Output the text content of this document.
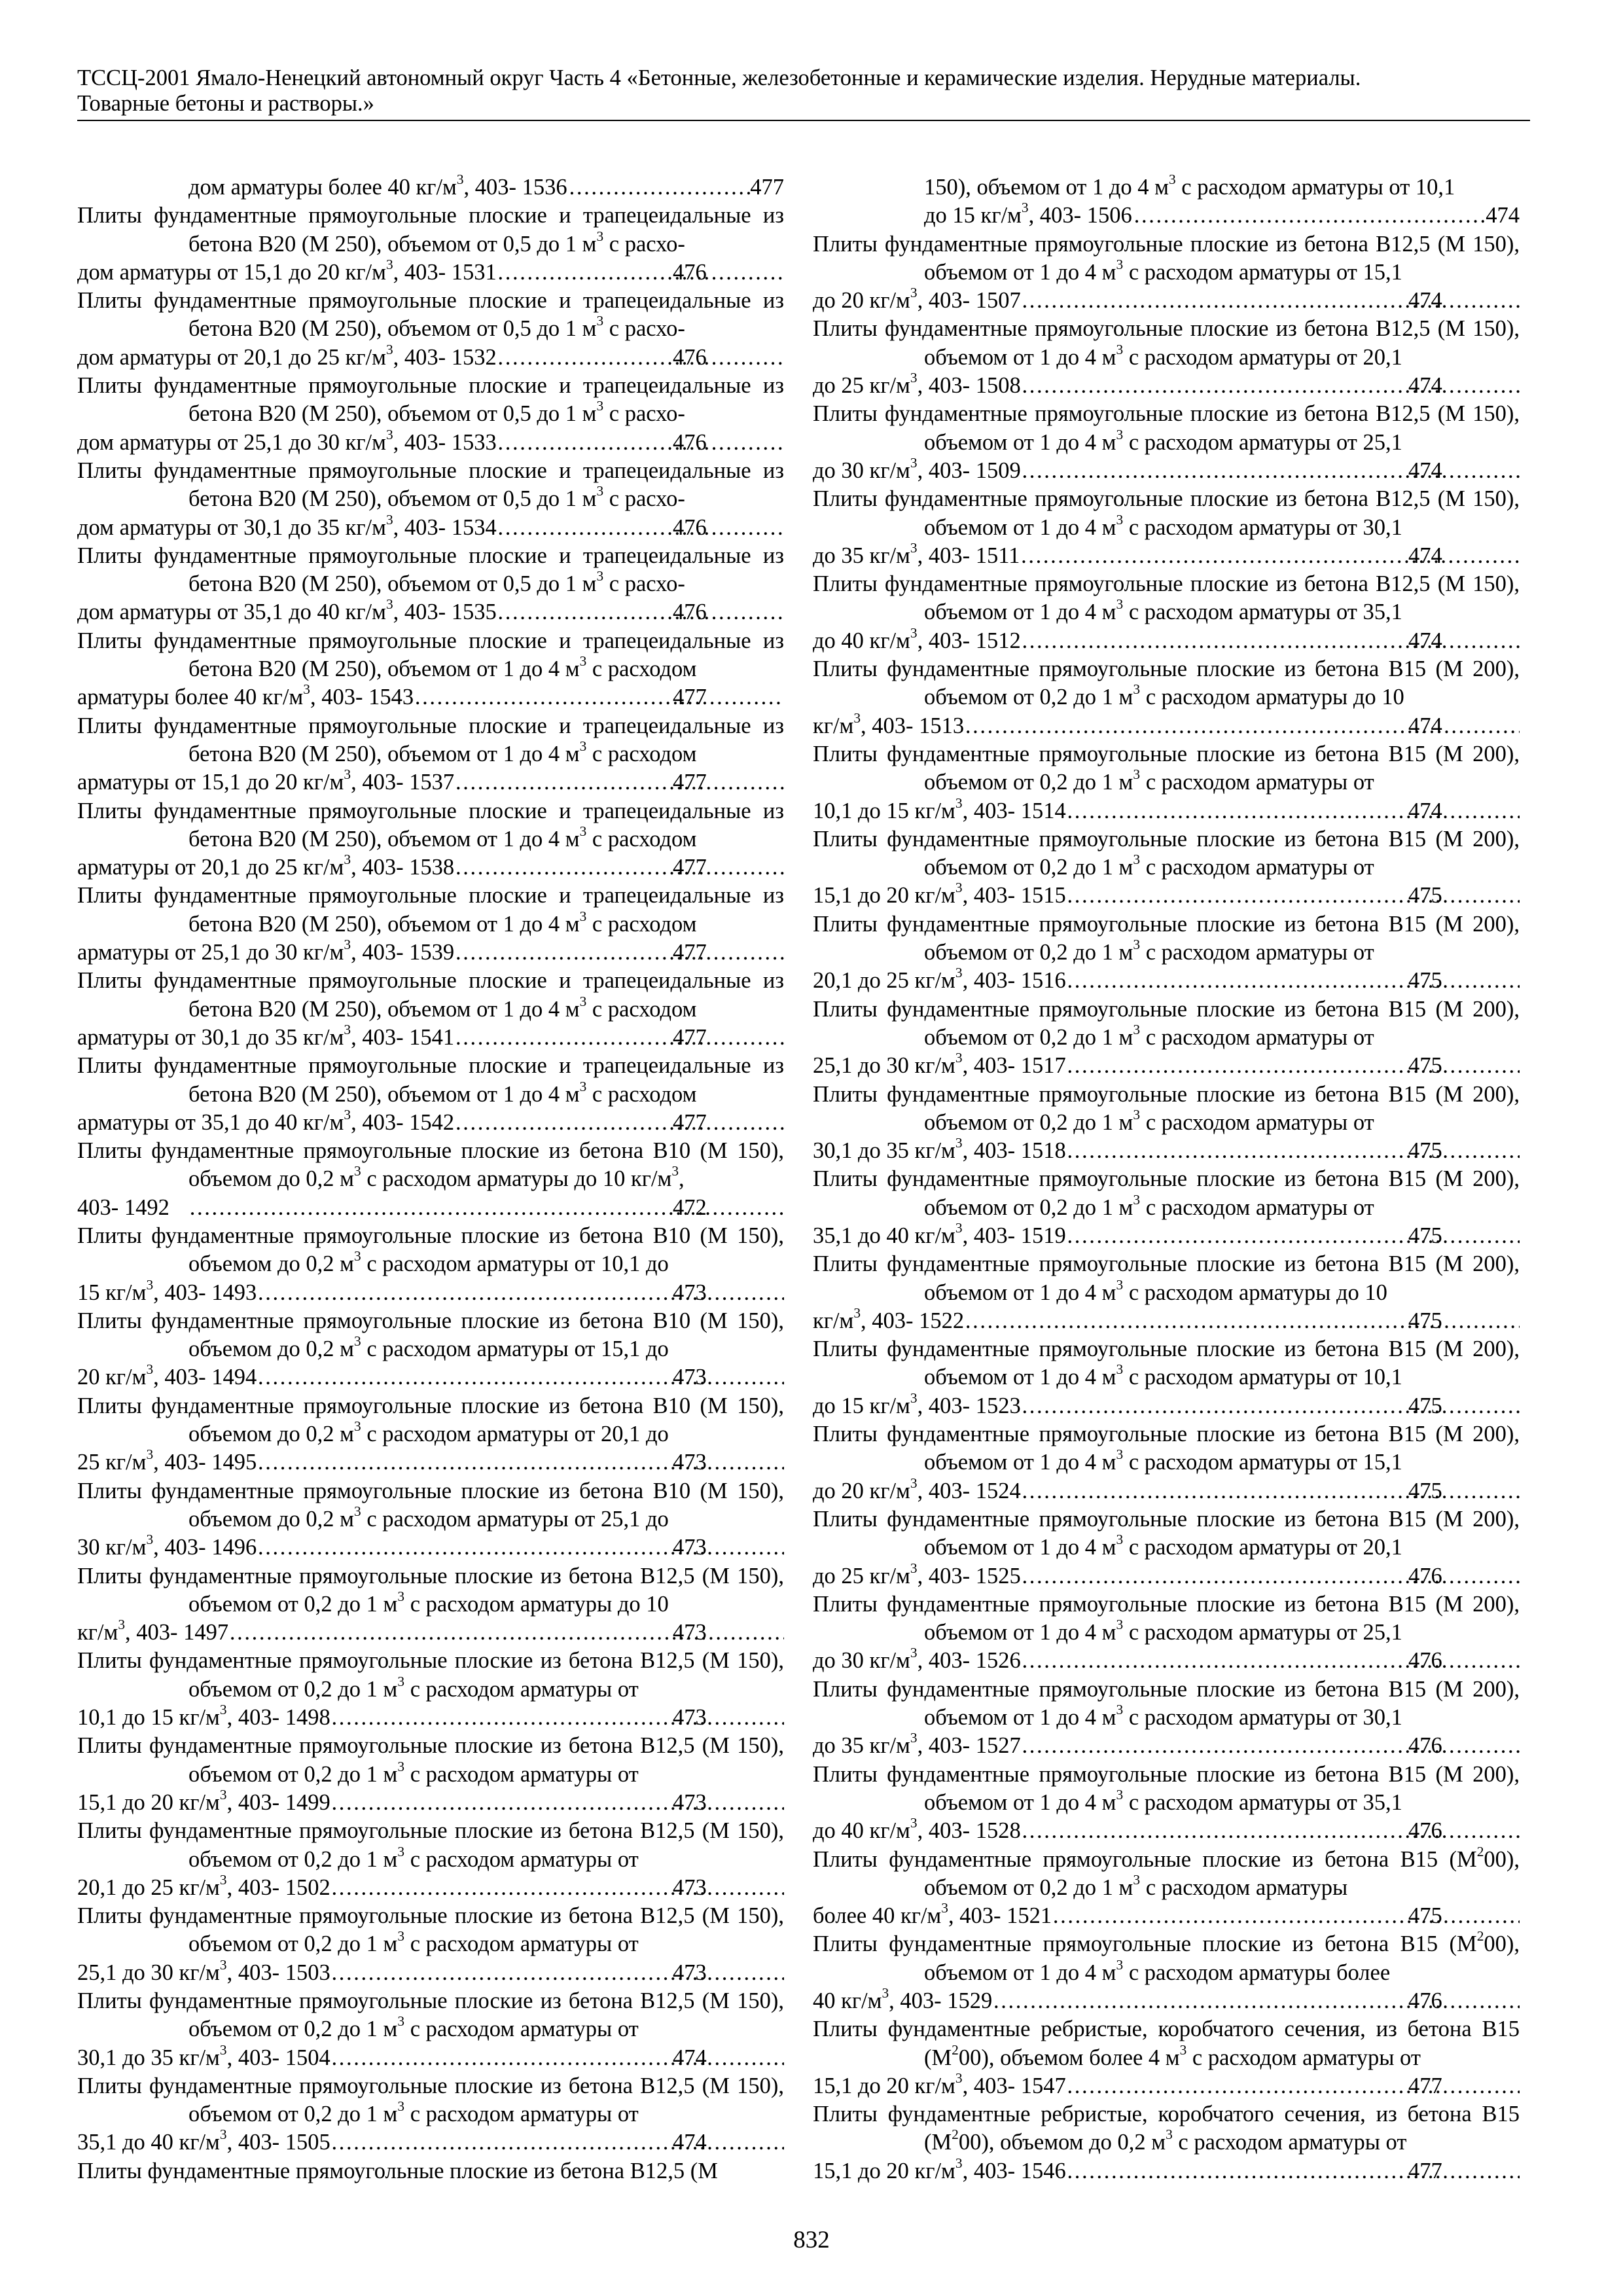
ТССЦ-2001 Ямало-Ненецкий автономный округ Часть 4 «Бетонные, железобетонные и керамические изделия. Нерудные материалы.
Товарные бетоны и растворы.»
дом арматуры более 40 $кг/м^3$, 403- 1536 . . .	477
Плиты фундаментные прямоугольные плоские и трапецеидальные из бетона В20 (М 250), объемом от 0,5 до 1 $м^3$ с расхо-
дом арматуры от 15,1 до 20 $кг/м^3$, 403- 1531 . . .	476
Плиты фундаментные прямоугольные плоские и трапецеидальные из бетона В20 (М 250), объемом от 0,5 до 1 $м^3$ с расхо-
дом арматуры от 20,1 до 25 $кг/м^3$, 403- 1532 . . .	476
Плиты фундаментные прямоугольные плоские и трапецеидальные из бетона В20 (М 250), объемом от 0,5 до 1 $м^3$ с расхо-
дом арматуры от 25,1 до 30 $кг/м^3$, 403- 1533 . . .	476
Плиты фундаментные прямоугольные плоские и трапецеидальные из бетона В20 (М 250), объемом от 0,5 до 1 $м^3$ с расхо-
дом арматуры от 30,1 до 35 $кг/м^3$, 403- 1534 . . .	476
Плиты фундаментные прямоугольные плоские и трапецеидальные из бетона В20 (М 250), объемом от 0,5 до 1 $м^3$ с расхо-
дом арматуры от 35,1 до 40 $кг/м^3$, 403- 1535 . . .	476
Плиты фундаментные прямоугольные плоские и трапецеидальные из бетона В20 (М 250), объемом от 1 до 4 $м^3$ с расходом
арматуры более 40 $кг/м^3$, 403- 1543 . . .	477
Плиты фундаментные прямоугольные плоские и трапецеидальные из бетона В20 (М 250), объемом от 1 до 4 $м^3$ с расходом
арматуры от 15,1 до 20 $кг/м^3$, 403- 1537 . . .	477
Плиты фундаментные прямоугольные плоские и трапецеидальные из бетона В20 (М 250), объемом от 1 до 4 $м^3$ с расходом
арматуры от 20,1 до 25 $кг/м^3$, 403- 1538 . . .	477
Плиты фундаментные прямоугольные плоские и трапецеидальные из бетона В20 (М 250), объемом от 1 до 4 $м^3$ с расходом
арматуры от 25,1 до 30 $кг/м^3$, 403- 1539 . . .	477
Плиты фундаментные прямоугольные плоские и трапецеидальные из бетона В20 (М 250), объемом от 1 до 4 $м^3$ с расходом
арматуры от 30,1 до 35 $кг/м^3$, 403- 1541 . . .	477
Плиты фундаментные прямоугольные плоские и трапецеидальные из бетона В20 (М 250), объемом от 1 до 4 $м^3$ с расходом
арматуры от 35,1 до 40 $кг/м^3$, 403- 1542 . . .	477
Плиты фундаментные прямоугольные плоские из бетона В10 (М 150), объемом до 0,2 $м^3$ с расходом арматуры до 10 $кг/м^3$,
403- 1492 . . .	472
Плиты фундаментные прямоугольные плоские из бетона В10 (М 150), объемом до 0,2 $м^3$ с расходом арматуры от 10,1 до
15 $кг/м^3$, 403- 1493 . . .	473
Плиты фундаментные прямоугольные плоские из бетона В10 (М 150), объемом до 0,2 $м^3$ с расходом арматуры от 15,1 до
20 $кг/м^3$, 403- 1494 . . .	473
Плиты фундаментные прямоугольные плоские из бетона В10 (М 150), объемом до 0,2 $м^3$ с расходом арматуры от 20,1 до
25 $кг/м^3$, 403- 1495 . . .	473
Плиты фундаментные прямоугольные плоские из бетона В10 (М 150), объемом до 0,2 $м^3$ с расходом арматуры от 25,1 до
30 $кг/м^3$, 403- 1496 . . .	473
Плиты фундаментные прямоугольные плоские из бетона В12,5 (М 150), объемом от 0,2 до 1 $м^3$ с расходом арматуры до 10
$кг/м^3$, 403- 1497 . . .	473
Плиты фундаментные прямоугольные плоские из бетона В12,5 (М 150), объемом от 0,2 до 1 $м^3$ с расходом арматуры от
10,1 до 15 $кг/м^3$, 403- 1498 . . .	473
Плиты фундаментные прямоугольные плоские из бетона В12,5 (М 150), объемом от 0,2 до 1 $м^3$ с расходом арматуры от
15,1 до 20 $кг/м^3$, 403- 1499 . . .	473
Плиты фундаментные прямоугольные плоские из бетона В12,5 (М 150), объемом от 0,2 до 1 $м^3$ с расходом арматуры от
20,1 до 25 $кг/м^3$, 403- 1502 . . .	473
Плиты фундаментные прямоугольные плоские из бетона В12,5 (М 150), объемом от 0,2 до 1 $м^3$ с расходом арматуры от
25,1 до 30 $кг/м^3$, 403- 1503 . . .	473
Плиты фундаментные прямоугольные плоские из бетона В12,5 (М 150), объемом от 0,2 до 1 $м^3$ с расходом арматуры от
30,1 до 35 $кг/м^3$, 403- 1504 . . .	474
Плиты фундаментные прямоугольные плоские из бетона В12,5 (М 150), объемом от 0,2 до 1 $м^3$ с расходом арматуры от
35,1 до 40 $кг/м^3$, 403- 1505 . . .	474
Плиты фундаментные прямоугольные плоские из бетона В12,5 (М
150), объемом от 1 до 4 $м^3$ с расходом арматуры от 10,1
до 15 $кг/м^3$, 403- 1506 . . .	474
Плиты фундаментные прямоугольные плоские из бетона В12,5 (М 150), объемом от 1 до 4 $м^3$ с расходом арматуры от 15,1
до 20 $кг/м^3$, 403- 1507 . . .	474
Плиты фундаментные прямоугольные плоские из бетона В12,5 (М 150), объемом от 1 до 4 $м^3$ с расходом арматуры от 20,1
до 25 $кг/м^3$, 403- 1508 . . .	474
Плиты фундаментные прямоугольные плоские из бетона В12,5 (М 150), объемом от 1 до 4 $м^3$ с расходом арматуры от 25,1
до 30 $кг/м^3$, 403- 1509 . . .	474
Плиты фундаментные прямоугольные плоские из бетона В12,5 (М 150), объемом от 1 до 4 $м^3$ с расходом арматуры от 30,1
до 35 $кг/м^3$, 403- 1511 . . .	474
Плиты фундаментные прямоугольные плоские из бетона В12,5 (М 150), объемом от 1 до 4 $м^3$ с расходом арматуры от 35,1
до 40 $кг/м^3$, 403- 1512 . . .	474
Плиты фундаментные прямоугольные плоские из бетона В15 (М 200), объемом от 0,2 до 1 $м^3$ с расходом арматуры до 10
$кг/м^3$, 403- 1513 . . .	474
Плиты фундаментные прямоугольные плоские из бетона В15 (М 200), объемом от 0,2 до 1 $м^3$ с расходом арматуры от
10,1 до 15 $кг/м^3$, 403- 1514 . . .	474
Плиты фундаментные прямоугольные плоские из бетона В15 (М 200), объемом от 0,2 до 1 $м^3$ с расходом арматуры от
15,1 до 20 $кг/м^3$, 403- 1515 . . .	475
Плиты фундаментные прямоугольные плоские из бетона В15 (М 200), объемом от 0,2 до 1 $м^3$ с расходом арматуры от
20,1 до 25 $кг/м^3$, 403- 1516 . . .	475
Плиты фундаментные прямоугольные плоские из бетона В15 (М 200), объемом от 0,2 до 1 $м^3$ с расходом арматуры от
25,1 до 30 $кг/м^3$, 403- 1517 . . .	475
Плиты фундаментные прямоугольные плоские из бетона В15 (М 200), объемом от 0,2 до 1 $м^3$ с расходом арматуры от
30,1 до 35 $кг/м^3$, 403- 1518 . . .	475
Плиты фундаментные прямоугольные плоские из бетона В15 (М 200), объемом от 0,2 до 1 $м^3$ с расходом арматуры от
35,1 до 40 $кг/м^3$, 403- 1519 . . .	475
Плиты фундаментные прямоугольные плоские из бетона В15 (М 200), объемом от 1 до 4 $м^3$ с расходом арматуры до 10
$кг/м^3$, 403- 1522 . . .	475
Плиты фундаментные прямоугольные плоские из бетона В15 (М 200), объемом от 1 до 4 $м^3$ с расходом арматуры от 10,1
до 15 $кг/м^3$, 403- 1523 . . .	475
Плиты фундаментные прямоугольные плоские из бетона В15 (М 200), объемом от 1 до 4 $м^3$ с расходом арматуры от 15,1
до 20 $кг/м^3$, 403- 1524 . . .	475
Плиты фундаментные прямоугольные плоские из бетона В15 (М 200), объемом от 1 до 4 $м^3$ с расходом арматуры от 20,1
до 25 $кг/м^3$, 403- 1525 . . .	476
Плиты фундаментные прямоугольные плоские из бетона В15 (М 200), объемом от 1 до 4 $м^3$ с расходом арматуры от 25,1
до 30 $кг/м^3$, 403- 1526 . . .	476
Плиты фундаментные прямоугольные плоские из бетона В15 (М 200), объемом от 1 до 4 $м^3$ с расходом арматуры от 30,1
до 35 $кг/м^3$, 403- 1527 . . .	476
Плиты фундаментные прямоугольные плоские из бетона В15 (М 200), объемом от 1 до 4 $м^3$ с расходом арматуры от 35,1
до 40 $кг/м^3$, 403- 1528 . . .	476
Плиты фундаментные прямоугольные плоские из бетона В15 $(М^200)$, объемом от 0,2 до 1 $м^3$ с расходом арматуры
более 40 $кг/м^3$, 403- 1521 . . .	475
Плиты фундаментные прямоугольные плоские из бетона В15 $(М^200)$, объемом от 1 до 4 $м^3$ с расходом арматуры более
40 $кг/м^3$, 403- 1529 . . .	476
Плиты фундаментные ребристые, коробчатого сечения, из бетона В15 $(М^200)$, объемом более 4 $м^3$ с расходом арматуры от
15,1 до 20 $кг/м^3$, 403- 1547 . . .	477
Плиты фундаментные ребристые, коробчатого сечения, из бетона В15 $(М^200)$, объемом до 0,2 $м^3$ с расходом арматуры от
15,1 до 20 $кг/м^3$, 403- 1546 . . .	477
832
